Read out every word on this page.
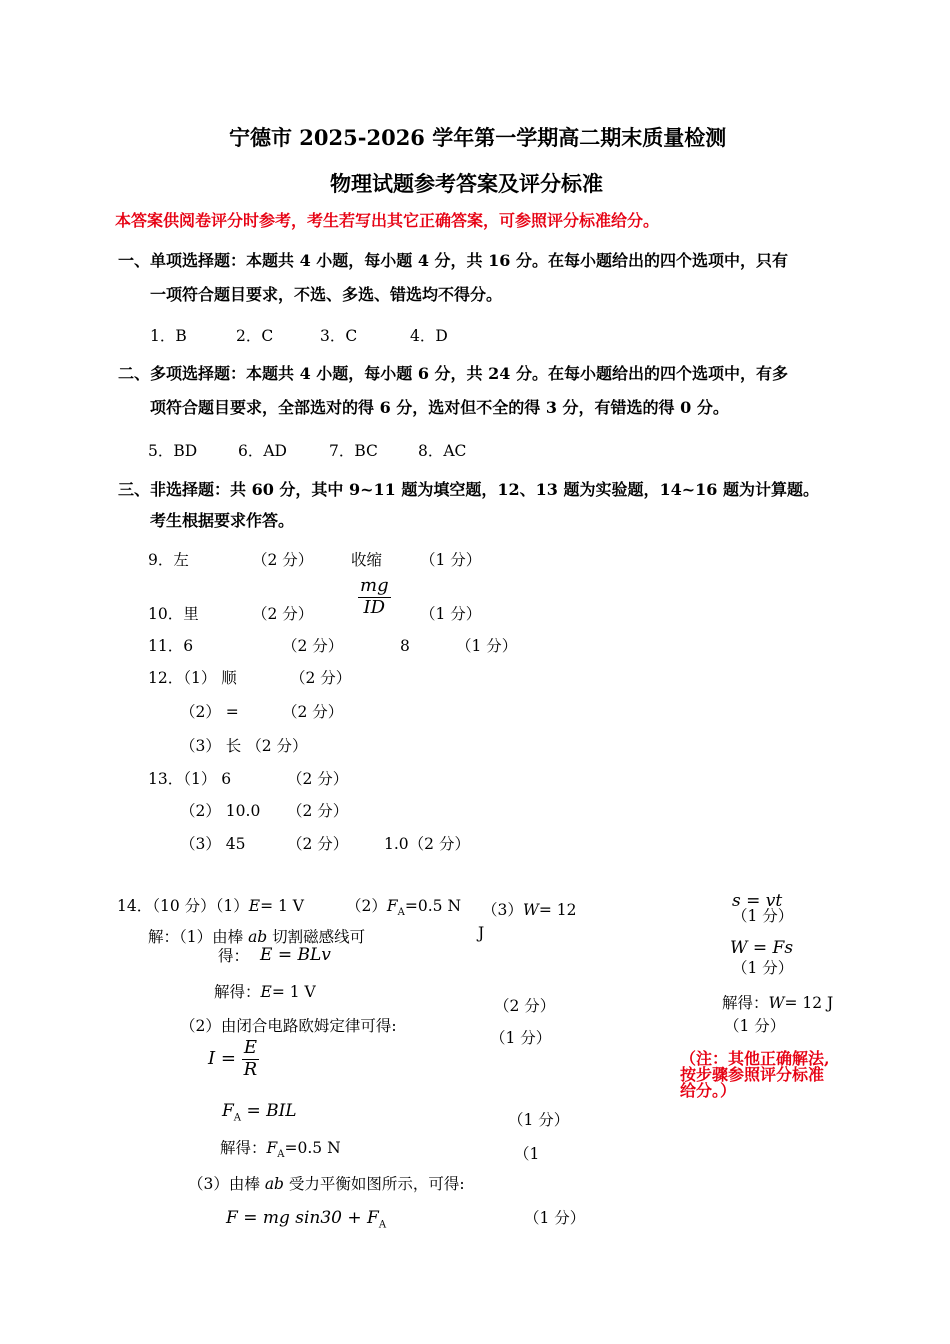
宁德市 2025-2026 学年第一学期高二期末质量检测
物理试题参考答案及评分标准
本答案供阅卷评分时参考，考生若写出其它正确答案，可参照评分标准给分。
一、单项选择题：本题共 4 小题，每小题 4 分，共 16 分。在每小题给出的四个选项中，只有
一项符合题目要求，不选、多选、错选均不得分。
1．B	2．C	3．C	4．D
二、多项选择题：本题共 4 小题，每小题 6 分，共 24 分。在每小题给出的四个选项中，有多
项符合题目要求，全部选对的得 6 分，选对但不全的得 3 分，有错选的得 0 分。
5．BD	6．AD	7．BC	8．AC
三、非选择题：共 60 分，其中 9~11 题为填空题，12、13 题为实验题，14~16 题为计算题。
考生根据要求作答。
9．左	（2 分） 收缩 （1 分）
10．里	（2 分） $\frac{mg}{ID} (1$ 分）
11．6	（2 分）	8	（1 分）
12．（1） 顺	（2 分）
（2） =	（2 分）
（3） 长 （2 分）
13．（1） 6	（2 分）
（2） 10.0 （2 分）
（3） 45	（2 分） 1.0（2 分）
14．（10 分）（1）E= 1 V	$(2)F_A=0.5$ N （3）W= 12
J
解：（1）由棒 ab 切割磁感线可
得： E = BLv
解得：E= 1 V
（2 分）
（2）由闭合电路欧姆定律可得:
（1 分）
$I = \frac{E}{R}$
$F_A$ = BIL	（1 分）
解得：$F_A=0.5$ N	（1
（3）由棒 ab 受力平衡如图所示，可得:
F = mg $\sin 30 + F_A$	（1 分）
s = vt
（1 分）
W = Fs
（1 分）
解得：W= 12 J
（1 分）
（注：其他正确解法,
按步骤参照评分标准
给分。）
